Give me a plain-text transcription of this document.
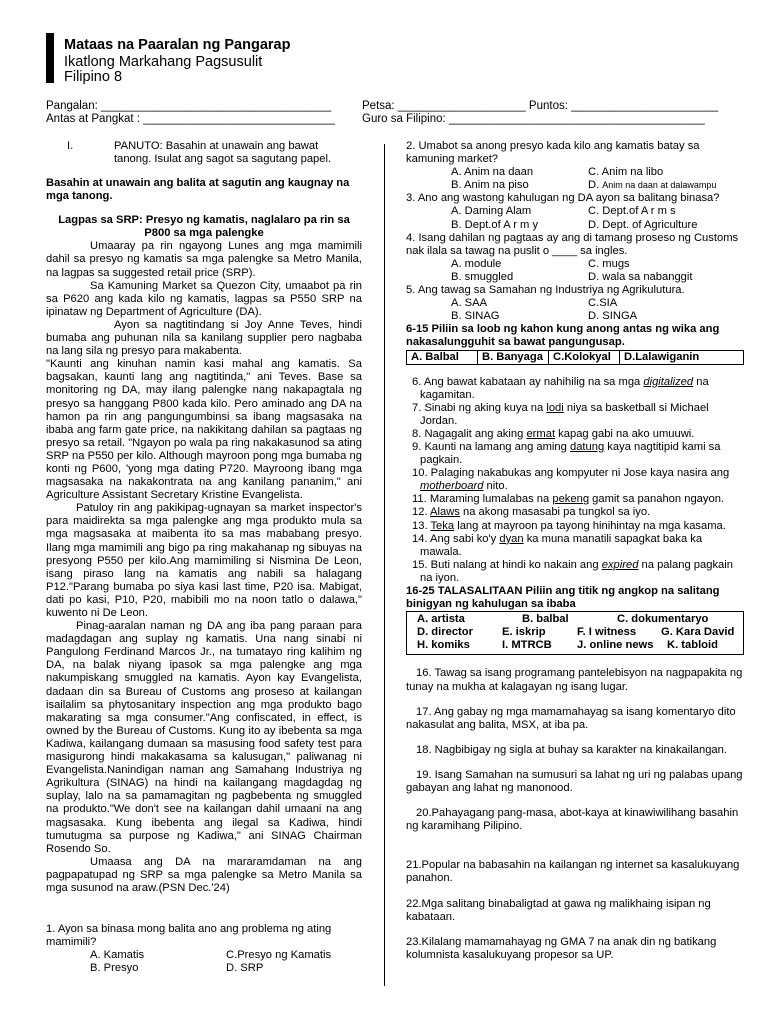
Mataas na Paaralan ng Pangarap
Ikatlong Markahang Pagsusulit
Filipino 8
Pangalan: ____________________________________
Antas at Pangkat : ______________________________
Petsa: ____________________ Puntos: _______________________
Guro sa Filipino: ________________________________________
I.	PANUTO: Basahin at unawain ang bawat
tanong. Isulat ang sagot sa sagutang papel.

Basahin at unawain ang balita at sagutin ang kaugnay na mga tanong.

Lagpas sa SRP: Presyo ng kamatis, naglalaro pa rin sa P800 sa mga palengke

Umaaray pa rin ngayong Lunes ang mga mamimili dahil sa presyo ng kamatis sa mga palengke sa Metro Manila, na lagpas sa suggested retail price (SRP).

Sa Kamuning Market sa Quezon City, umaabot pa rin sa P620 ang kada kilo ng kamatis, lagpas sa P550 SRP na ipinataw ng Department of Agriculture (DA).

Ayon sa nagtitindang si Joy Anne Teves, hindi bumaba ang puhunan nila sa kanilang supplier pero nagbaba na lang sila ng presyo para makabenta.

"Kaunti ang kinuhan namin kasi mahal ang kamatis. Sa bagsakan, kaunti lang ang nagtitinda," ani Teves. Base sa monitoring ng DA, may ilang palengke nang nakapagtala ng presyo sa hanggang P800 kada kilo. Pero aminado ang DA na hamon pa rin ang pangungumbinsi sa ibang magsasaka na ibaba ang farm gate price, na nakikitang dahilan sa pagtaas ng presyo sa retail. "Ngayon po wala pa ring nakakasunod sa ating SRP na P550 per kilo. Although mayroon pong mga bumaba ng konti ng P600, 'yong mga dating P720. Mayroong ibang mga magsasaka na nakakontrata na ang kanilang pananim," ani Agriculture Assistant Secretary Kristine Evangelista.

Patuloy rin ang pakikipag-ugnayan sa market inspector's para maidirekta sa mga palengke ang mga produkto mula sa mga magsasaka at maibenta ito sa mas mababang presyo. Ilang mga mamimili ang bigo pa ring makahanap ng sibuyas na presyong P550 per kilo.Ang mamimiling si Nismina De Leon, isang piraso lang na kamatis ang nabili sa halagang P12."Parang bumaba po siya kasi last time, P20 isa. Mabigat, dati po kasi, P10, P20, mabibili mo na noon tatlo o dalawa," kuwento ni De Leon.

Pinag-aaralan naman ng DA ang iba pang paraan para madagdagan ang suplay ng kamatis. Una nang sinabi ni Pangulong Ferdinand Marcos Jr., na tumatayo ring kalihim ng DA, na balak niyang ipasok sa mga palengke ang mga nakumpiskang smuggled na kamatis. Ayon kay Evangelista, dadaan din sa Bureau of Customs ang proseso at kailangan isailalim sa phytosanitary inspection ang mga produkto bago makarating sa mga consumer."Ang confiscated, in effect, is owned by the Bureau of Customs. Kung ito ay ibebenta sa mga Kadiwa, kailangang dumaan sa masusing food safety test para masigurong hindi makakasama sa kalusugan," paliwanag ni Evangelista.Nanindigan naman ang Samahang Industriya ng Agrikultura (SINAG) na hindi na kailangang magdagdag ng suplay, lalo na sa pamamagitan ng pagbebenta ng smuggled na produkto."We don't see na kailangan dahil umaani na ang magsasaka. Kung ibebenta ang ilegal sa Kadiwa, hindi tumutugma sa purpose ng Kadiwa," ani SINAG Chairman Rosendo So.

Umaasa ang DA na mararamdaman na ang pagpapatupad ng SRP sa mga palengke sa Metro Manila sa mga susunod na araw.(PSN Dec.'24)

1. Ayon sa binasa mong balita ano ang problema ng ating mamimili?

A. Kamatis	C.Presyo ng Kamatis
B. Presyo	D. SRP

2. Umabot sa anong presyo kada kilo ang kamatis batay sa kamuning market?

A. Anim na daan	C. Anim na libo
B. Anim na piso	D. Anim na daan at dalawampu

3. Ano ang wastong kahulugan ng DA ayon sa balitang binasa?

A. Daming Alam	C. Dept.of A r m s
B. Dept.of A r m y	D. Dept. of Agriculture

4. Isang dahilan ng pagtaas ay ang di tamang proseso ng Customs nak ilala sa tawag na puslit o ____ sa ingles.

A. module	C. mugs
B. smuggled	D. wala sa nabanggit

5. Ang tawag sa Samahan ng Industriya ng Agrikulutura.

A. SAA	C.SIA
B. SINAG	D. SINGA

6-15 Piliin sa loob ng kahon kung anong antas ng wika ang nakasalungguhit sa bawat pangungusap.

A. Balbal	B. Banyaga	C.Kolokyal	D.Lalawiganin

6. Ang bawat kabataan ay nahihilig na sa mga digitalized na kagamitan.

7. Sinabi ng aking kuya na lodi niya sa basketball si Michael Jordan.

8. Nagagalit ang aking ermat kapag gabi na ako umuuwi.

9. Kaunti na lamang ang aming datung kaya nagtitipid kami sa pagkain.

10. Palaging nakabukas ang kompyuter ni Jose kaya nasira ang motherboard nito.

11. Maraming lumalabas na pekeng gamit sa panahon ngayon.

12. Alaws na akong masasabi pa tungkol sa iyo.

13. Teka lang at mayroon pa tayong hinihintay na mga kasama.

14. Ang sabi ko'y dyan ka muna manatili sapagkat baka ka mawala.

15. Buti nalang at hindi ko nakain ang expired na palang pagkain na iyon.

16-25 TALASALITAAN Piliin ang titik ng angkop na salitang binigyan ng kahulugan sa ibaba

A. artista	B. balbal	C. dokumentaryo
D. director	E. iskrip	F. I witness	G. Kara David
H. komiks	I. MTRCB	J. online news	K. tabloid

16. Tawag sa isang programang pantelebisyon na nagpapakita ng tunay na mukha at kalagayan ng isang lugar.

17. Ang gabay ng mga mamamahayag sa isang komentaryo dito nakasulat ang balita, MSX, at iba pa.

18. Nagbibigay ng sigla at buhay sa karakter na kinakailangan.

19. Isang Samahan na sumusuri sa lahat ng uri ng palabas upang gabayan ang lahat ng manonood.

20.Pahayagang pang-masa, abot-kaya at kinawiwilihang basahin ng karamihang Pilipino.

21.Popular na babasahin na kailangan ng internet sa kasalukuyang panahon.

22.Mga salitang binabaligtad at gawa ng malikhaing isipan ng kabataan.

23.Kilalang mamamahayag ng GMA 7 na anak din ng batikang kolumnista kasalukuyang propesor sa UP.
